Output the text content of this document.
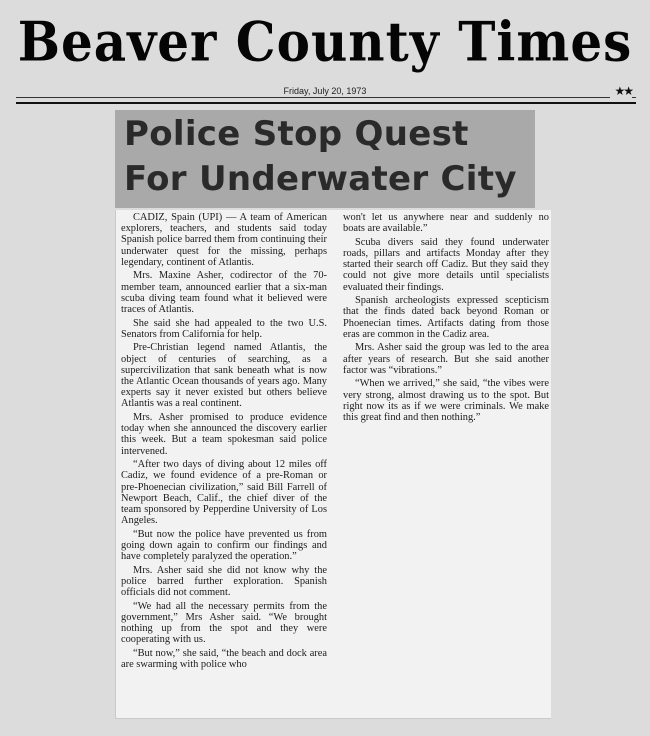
Beaver County Times
Friday, July 20, 1973	★★
Police Stop Quest
For Underwater City

CADIZ, Spain (UPI) — A team of American explorers, teachers, and students said today Spanish police barred them from continuing their underwater quest for the missing, perhaps legendary, continent of Atlantis.

Mrs. Maxine Asher, codirector of the 70-member team, announced earlier that a six-man scuba diving team found what it believed were traces of Atlantis.

She said she had appealed to the two U.S. Senators from California for help.

Pre-Christian legend named Atlantis, the object of centuries of searching, as a supercivilization that sank beneath what is now the Atlantic Ocean thousands of years ago. Many experts say it never existed but others believe Atlantis was a real continent.

Mrs. Asher promised to produce evidence today when she announced the discovery earlier this week. But a team spokesman said police intervened.

“After two days of diving about 12 miles off Cadiz, we found evidence of a pre-Roman or pre-Phoenecian civilization,” said Bill Farrell of Newport Beach, Calif., the chief diver of the team sponsored by Pepperdine University of Los Angeles.

“But now the police have prevented us from going down again to confirm our findings and have completely paralyzed the operation.”

Mrs. Asher said she did not know why the police barred further exploration. Spanish officials did not comment.

“We had all the necessary permits from the government,” Mrs Asher said. “We brought nothing up from the spot and they were cooperating with us.

“But now,” she said, “the beach and dock area are swarming with police who

won't let us anywhere near and suddenly no boats are available.”

Scuba divers said they found underwater roads, pillars and artifacts Monday after they started their search off Cadiz. But they said they could not give more details until specialists evaluated their findings.

Spanish archeologists expressed scepticism that the finds dated back beyond Roman or Phoenecian times. Artifacts dating from those eras are common in the Cadiz area.

Mrs. Asher said the group was led to the area after years of research. But she said another factor was “vibrations.”

“When we arrived,” she said, “the vibes were very strong, almost drawing us to the spot. But right now its as if we were criminals. We make this great find and then nothing.”
